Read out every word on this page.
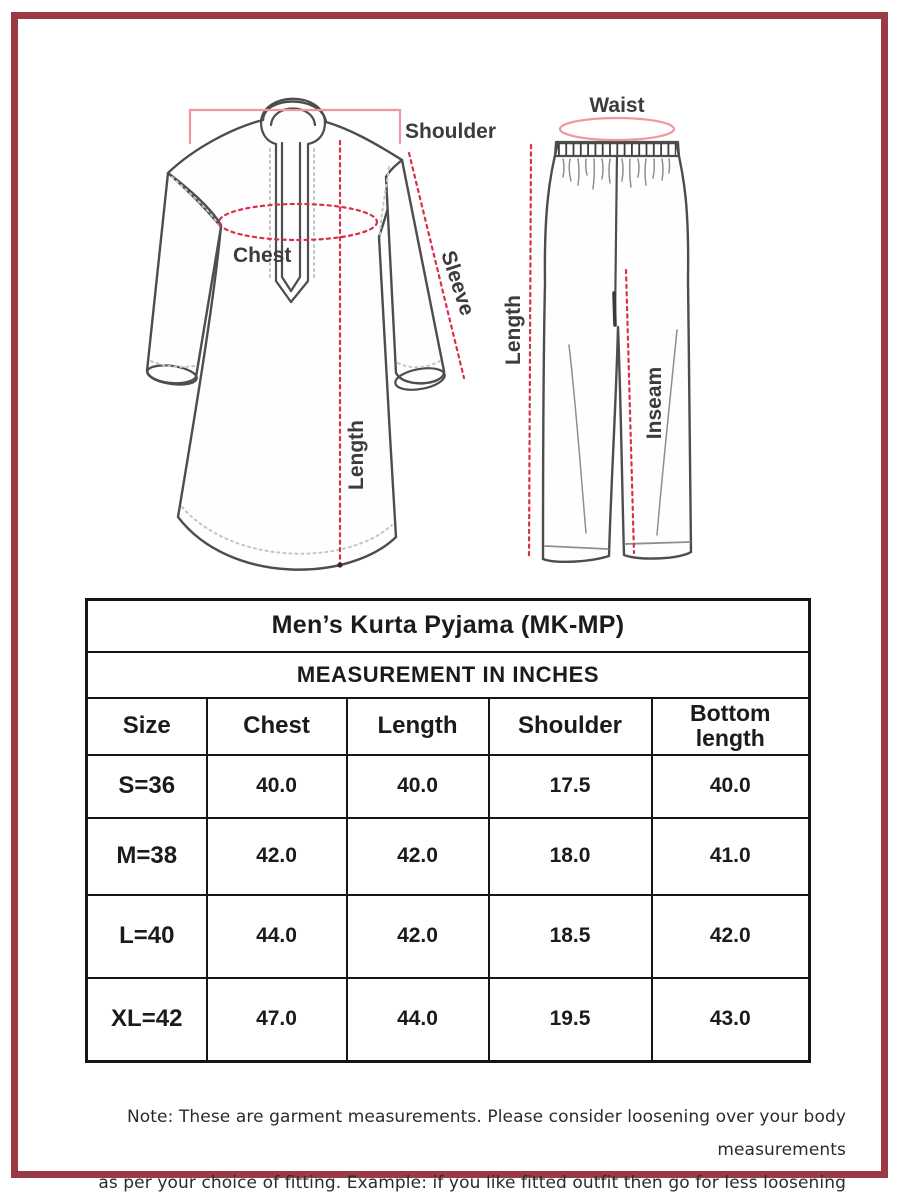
Shoulder
Chest	Sleeve
Length
Waist
Length
Inseam
Men’s Kurta Pyjama (MK-MP)				
MEASUREMENT IN INCHES				
Size	Chest	Length	Shoulder	Bottom length
S=36	40.0	40.0	17.5	40.0
M=38	42.0	42.0	18.0	41.0
L=40	44.0	42.0	18.5	42.0
XL=42	47.0	44.0	19.5	43.0
Note: These are garment measurements. Please consider loosening over your body measurements
as per your choice of fitting. Example: if you like fitted outfit then go for less loosening
